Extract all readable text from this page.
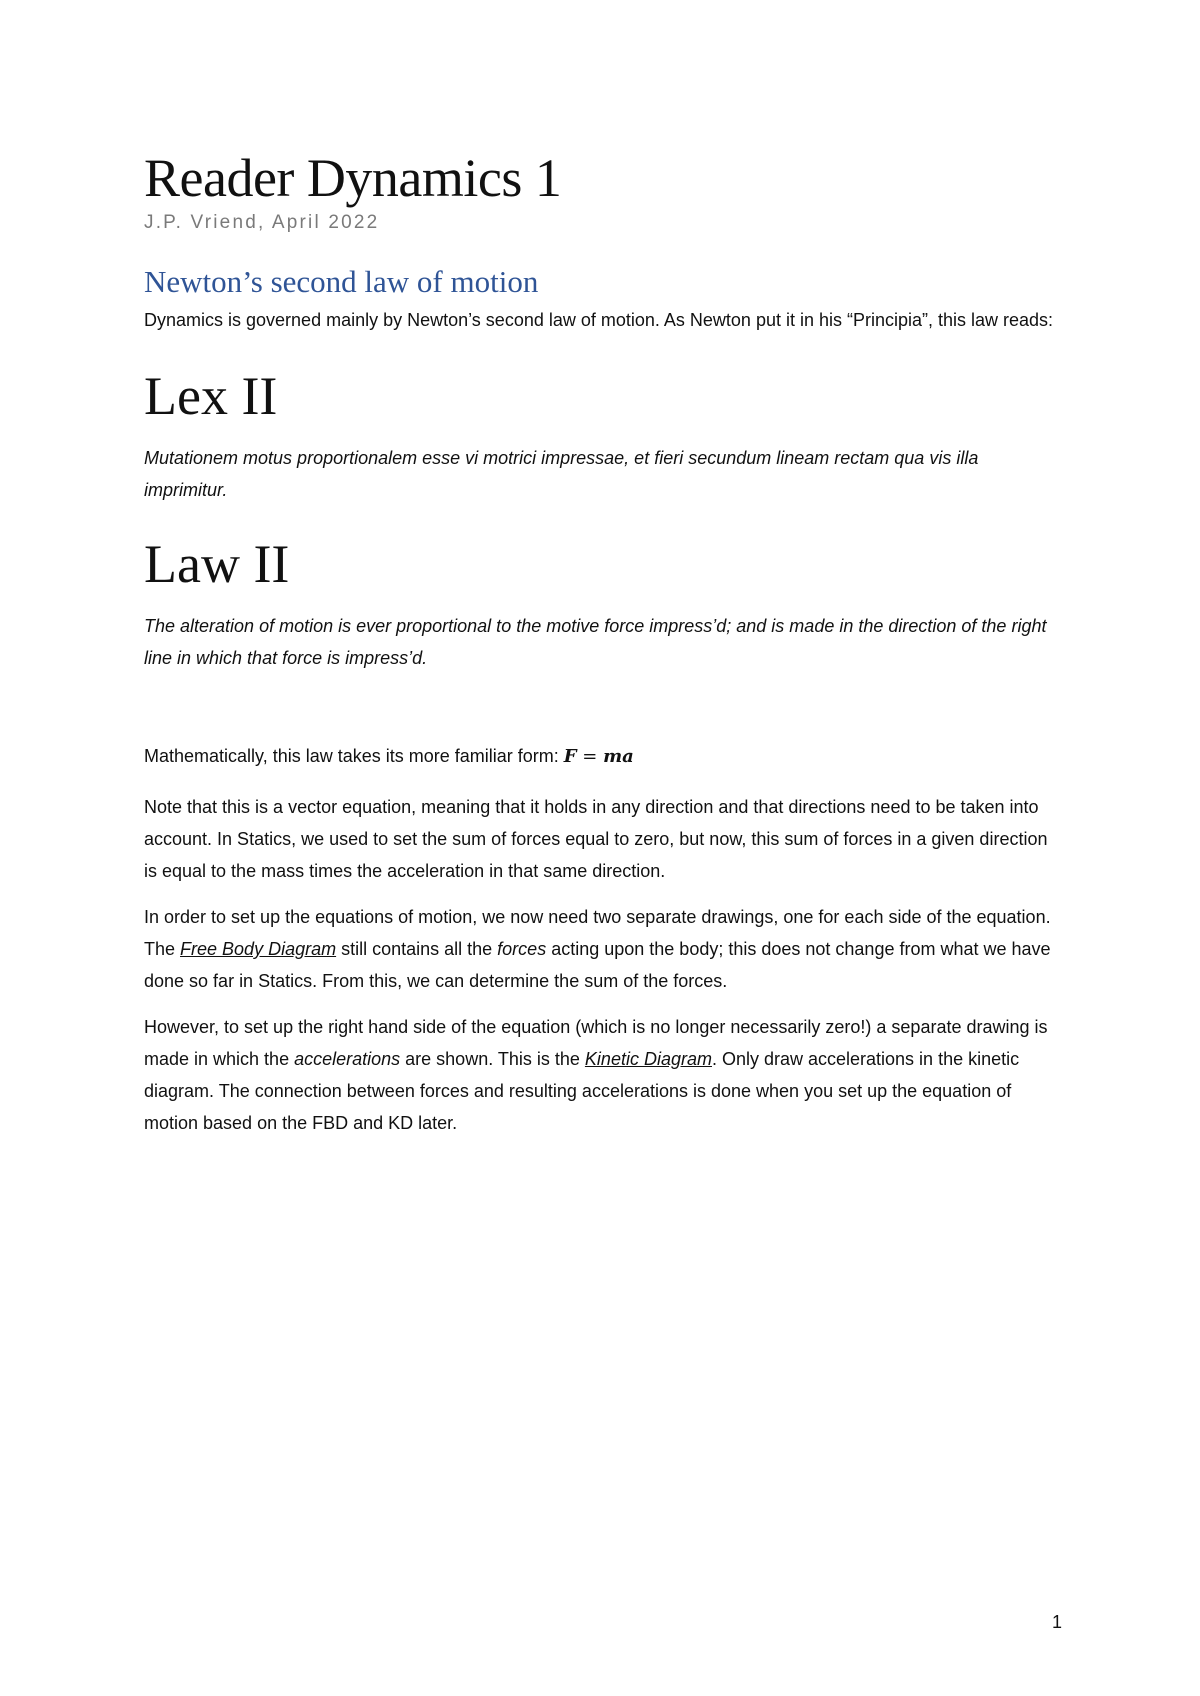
Reader Dynamics 1

J.P. Vriend, April 2022

Newton’s second law of motion

Dynamics is governed mainly by Newton’s second law of motion. As Newton put it in his “Principia”, this law reads:

Lex II

Mutationem motus proportionalem esse vi motrici impressae, et fieri secundum lineam rectam qua vis illa imprimitur.

Law II

The alteration of motion is ever proportional to the motive force impress’d; and is made in the direction of the right line in which that force is impress’d.

Mathematically, this law takes its more familiar form: F = ma

Note that this is a vector equation, meaning that it holds in any direction and that directions need to be taken into account. In Statics, we used to set the sum of forces equal to zero, but now, this sum of forces in a given direction is equal to the mass times the acceleration in that same direction.

In order to set up the equations of motion, we now need two separate drawings, one for each side of the equation. The Free Body Diagram still contains all the forces acting upon the body; this does not change from what we have done so far in Statics. From this, we can determine the sum of the forces.

However, to set up the right hand side of the equation (which is no longer necessarily zero!) a separate drawing is made in which the accelerations are shown. This is the Kinetic Diagram. Only draw accelerations in the kinetic diagram. The connection between forces and resulting accelerations is done when you set up the equation of motion based on the FBD and KD later.

1
